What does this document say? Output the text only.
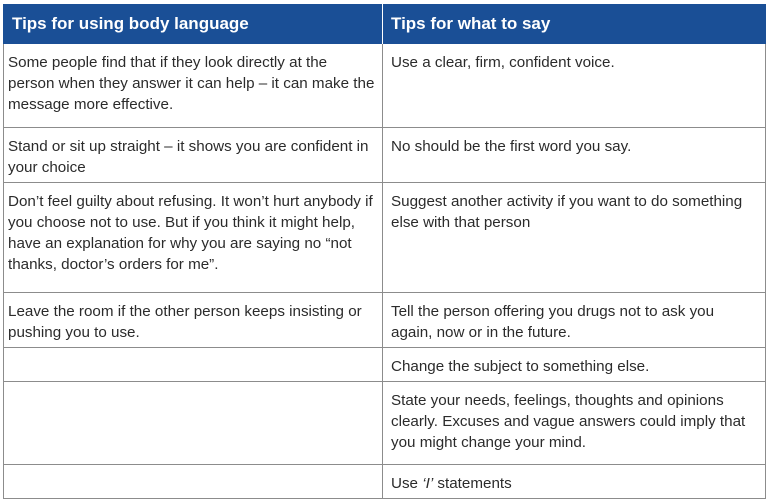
Tips for using body language	Tips for what to say
Some people find that if they look directly at the person when they answer it can help – it can make the message more effective.	Use a clear, firm, confident voice.
Stand or sit up straight – it shows you are confident in your choice	No should be the first word you say.
Don’t feel guilty about refusing. It won’t hurt anybody if you choose not to use. But if you think it might help, have an explanation for why you are saying no “not thanks, doctor’s orders for me”.	Suggest another activity if you want to do something else with that person
Leave the room if the other person keeps insisting or pushing you to use.	Tell the person offering you drugs not to ask you again, now or in the future.
	Change the subject to something else.
	State your needs, feelings, thoughts and opinions clearly. Excuses and vague answers could imply that you might change your mind.
	Use ‘I’ statements
